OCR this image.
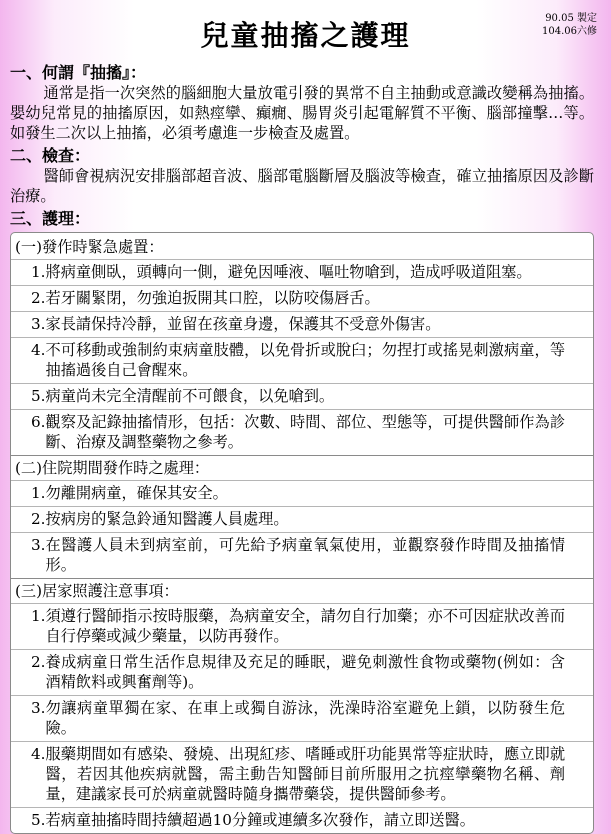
兒童抽搐之護理
90.05 製定
104.06六修
一、何謂『抽搐』：
通常是指一次突然的腦細胞大量放電引發的異常不自主抽動或意識改變稱為抽搐。嬰幼兒常見的抽搐原因，如熱痙攣、癲癇、腸胃炎引起電解質不平衡、腦部撞擊…等。如發生二次以上抽搐，必須考慮進一步檢查及處置。
二、檢查：
醫師會視病況安排腦部超音波、腦部電腦斷層及腦波等檢查，確立抽搐原因及診斷治療。
三、護理：
(一)發作時緊急處置：
1. 將病童側臥，頭轉向一側，避免因唾液、嘔吐物嗆到，造成呼吸道阻塞。
2. 若牙關緊閉，勿強迫扳開其口腔，以防咬傷唇舌。
3. 家長請保持冷靜，並留在孩童身邊，保護其不受意外傷害。
4. 不可移動或強制約束病童肢體，以免骨折或脫臼；勿捏打或搖晃刺激病童，等抽搐過後自己會醒來。
5. 病童尚未完全清醒前不可餵食，以免嗆到。
6. 觀察及記錄抽搐情形，包括：次數、時間、部位、型態等，可提供醫師作為診斷、治療及調整藥物之參考。
(二)住院期間發作時之處理：
1. 勿離開病童，確保其安全。
2. 按病房的緊急鈴通知醫護人員處理。
3. 在醫護人員未到病室前，可先給予病童氧氣使用，並觀察發作時間及抽搐情形。
(三)居家照護注意事項：
1. 須遵行醫師指示按時服藥，為病童安全，請勿自行加藥；亦不可因症狀改善而自行停藥或減少藥量，以防再發作。
2. 養成病童日常生活作息規律及充足的睡眠，避免刺激性食物或藥物(例如：含酒精飲料或興奮劑等)。
3. 勿讓病童單獨在家、在車上或獨自游泳，洗澡時浴室避免上鎖，以防發生危險。
4. 服藥期間如有感染、發燒、出現紅疹、嗜睡或肝功能異常等症狀時，應立即就醫，若因其他疾病就醫，需主動告知醫師目前所服用之抗痙攣藥物名稱、劑量，建議家長可於病童就醫時隨身攜帶藥袋，提供醫師參考。
5. 若病童抽搐時間持續超過10分鐘或連續多次發作，請立即送醫。
